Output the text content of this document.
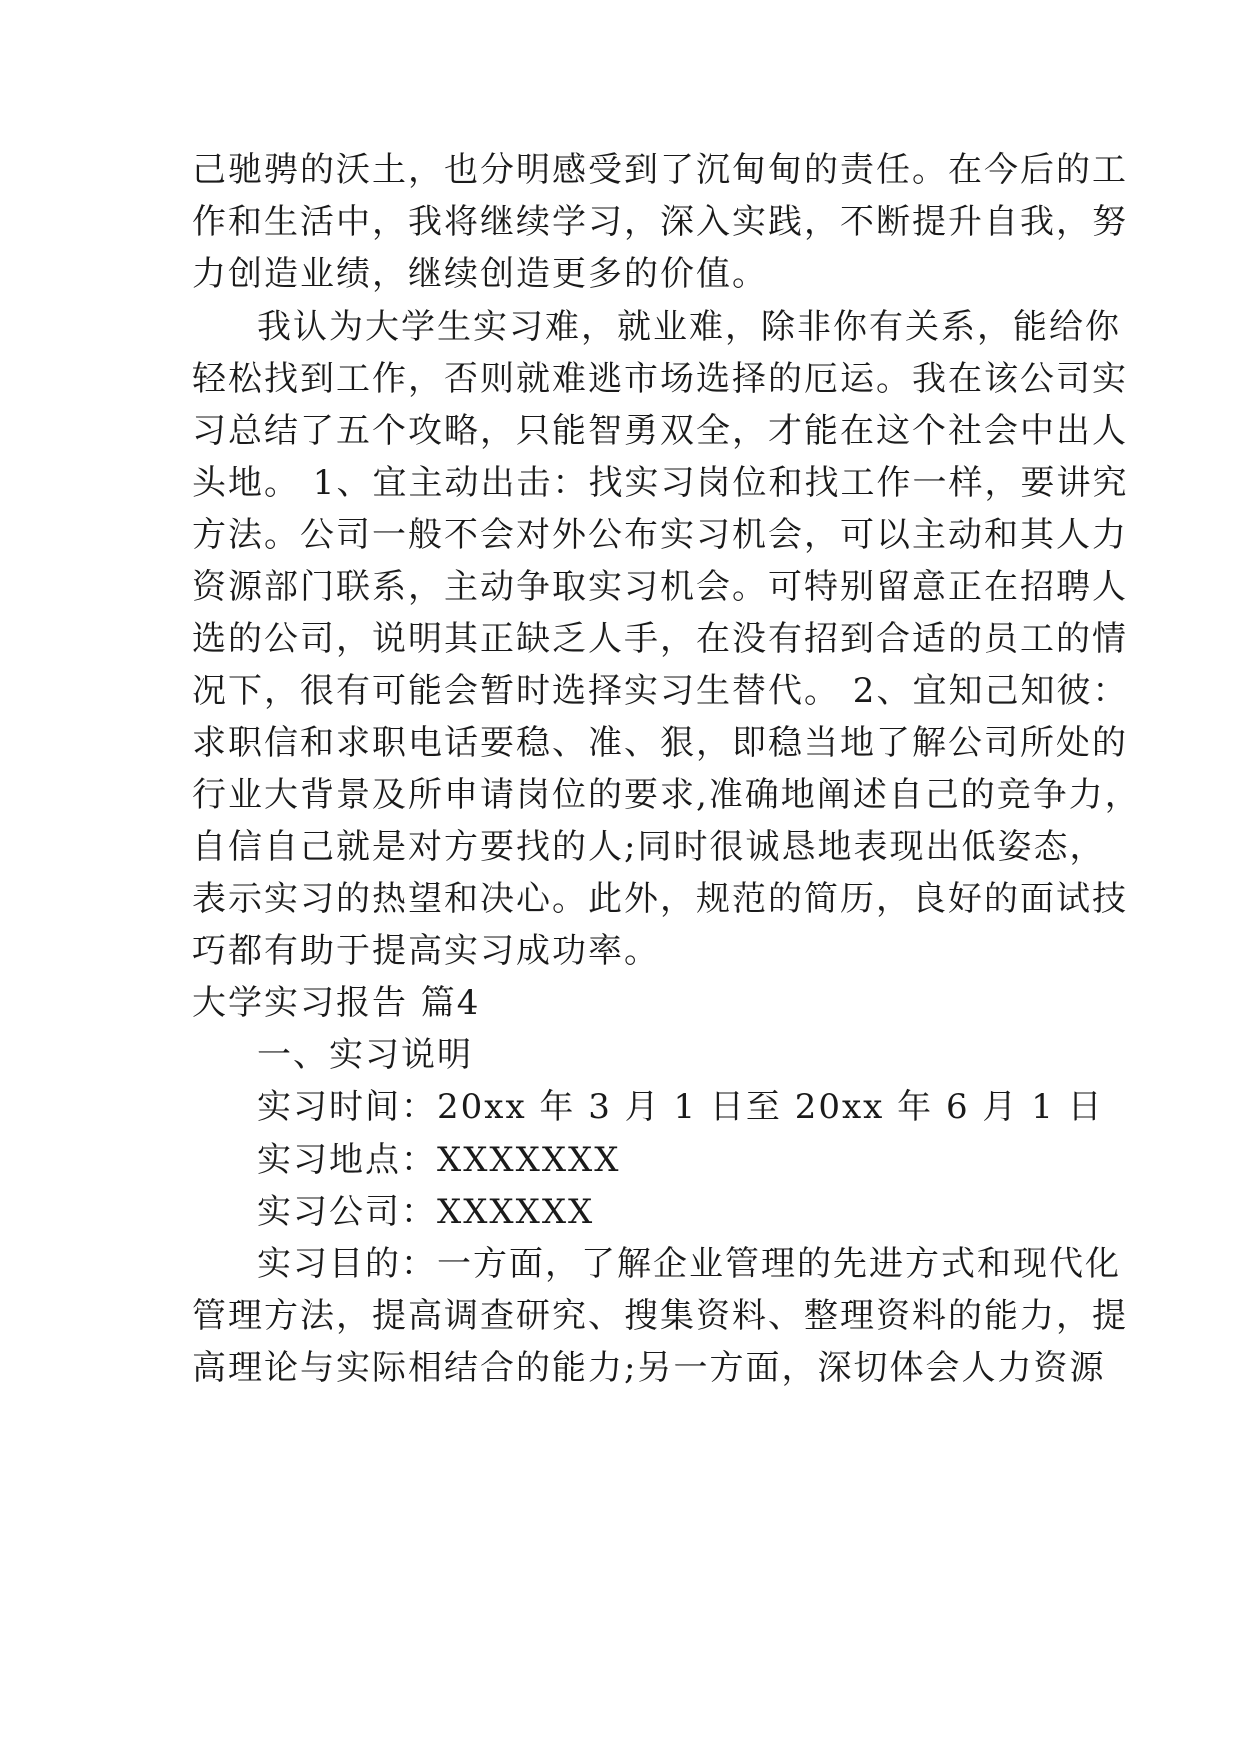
己驰骋的沃土，也分明感受到了沉甸甸的责任。在今后的工
作和生活中，我将继续学习，深入实践，不断提升自我，努
力创造业绩，继续创造更多的价值。
我认为大学生实习难，就业难，除非你有关系，能给你
轻松找到工作，否则就难逃市场选择的厄运。我在该公司实
习总结了五个攻略，只能智勇双全，才能在这个社会中出人
头地。 1、宜主动出击：找实习岗位和找工作一样，要讲究
方法。公司一般不会对外公布实习机会，可以主动和其人力
资源部门联系，主动争取实习机会。可特别留意正在招聘人
选的公司，说明其正缺乏人手，在没有招到合适的员工的情
况下，很有可能会暂时选择实习生替代。 2、宜知己知彼：
求职信和求职电话要稳、准、狠，即稳当地了解公司所处的
行业大背景及所申请岗位的要求,准确地阐述自己的竞争力，
自信自己就是对方要找的人;同时很诚恳地表现出低姿态，
表示实习的热望和决心。此外，规范的简历，良好的面试技
巧都有助于提高实习成功率。
大学实习报告 篇4
一、实习说明
实习时间：20xx 年 3 月 1 日至 20xx 年 6 月 1 日
实习地点：XXXXXXX
实习公司：XXXXXX
实习目的：一方面，了解企业管理的先进方式和现代化
管理方法，提高调查研究、搜集资料、整理资料的能力，提
高理论与实际相结合的能力;另一方面，深切体会人力资源
